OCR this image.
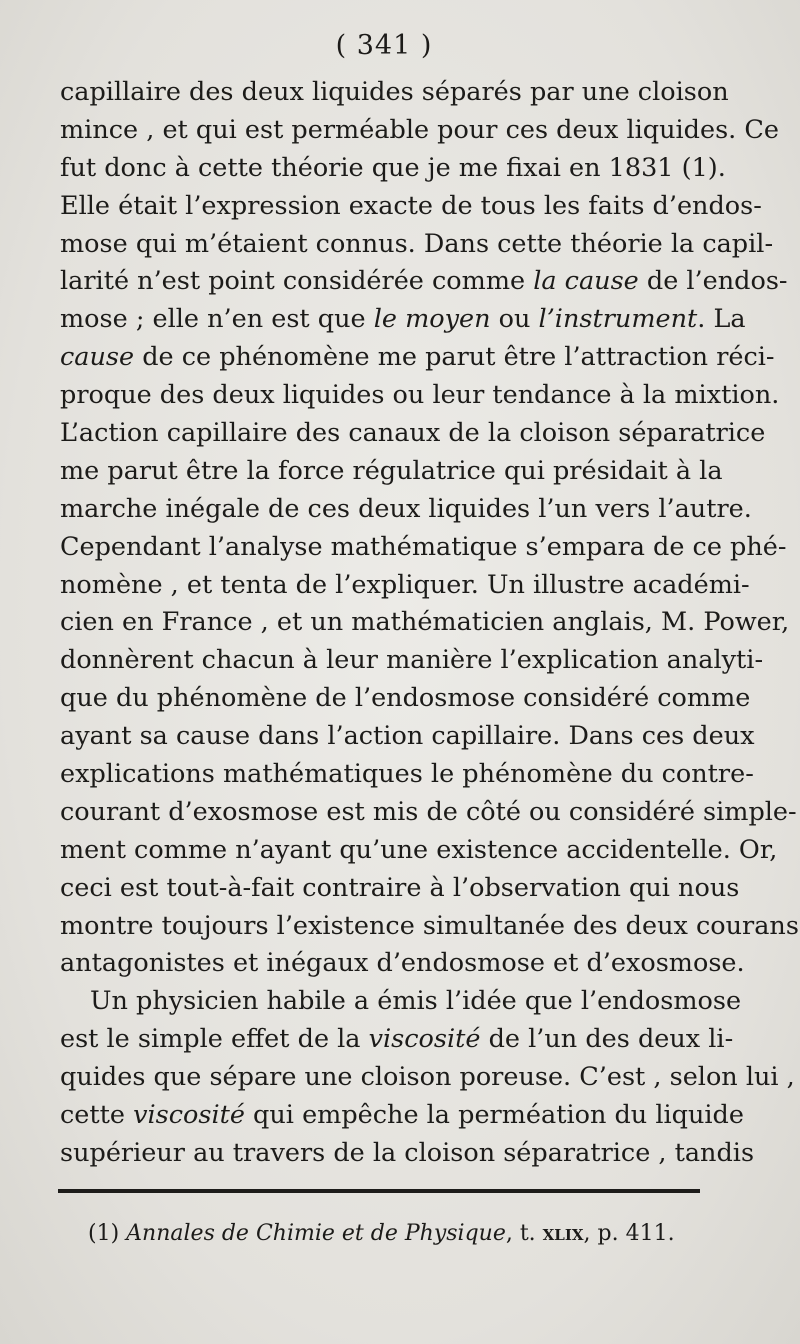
( 341 )
capillaire des deux liquides séparés par une cloison
mince , et qui est perméable pour ces deux liquides. Ce
fut donc à cette théorie que je me fixai en 1831 (1).
Elle était l’expression exacte de tous les faits d’endos-
mose qui m’étaient connus. Dans cette théorie la capil-
larité n’est point considérée comme la cause de l’endos-
mose ; elle n’en est que le moyen ou l’instrument. La
cause de ce phénomène me parut être l’attraction réci-
proque des deux liquides ou leur tendance à la mixtion.
L’action capillaire des canaux de la cloison séparatrice
me parut être la force régulatrice qui présidait à la
marche inégale de ces deux liquides l’un vers l’autre.
Cependant l’analyse mathématique s’empara de ce phé-
nomène , et tenta de l’expliquer. Un illustre académi-
cien en France , et un mathématicien anglais, M. Power,
donnèrent chacun à leur manière l’explication analyti-
que du phénomène de l’endosmose considéré comme
ayant sa cause dans l’action capillaire. Dans ces deux
explications mathématiques le phénomène du contre-
courant d’exosmose est mis de côté ou considéré simple-
ment comme n’ayant qu’une existence accidentelle. Or,
ceci est tout-à-fait contraire à l’observation qui nous
montre toujours l’existence simultanée des deux courans
antagonistes et inégaux d’endosmose et d’exosmose.
Un physicien habile a émis l’idée que l’endosmose
est le simple effet de la viscosité de l’un des deux li-
quides que sépare une cloison poreuse. C’est , selon lui ,
cette viscosité qui empêche la perméation du liquide
supérieur au travers de la cloison séparatrice , tandis
(1) Annales de Chimie et de Physique, t. xlix, p. 411.
